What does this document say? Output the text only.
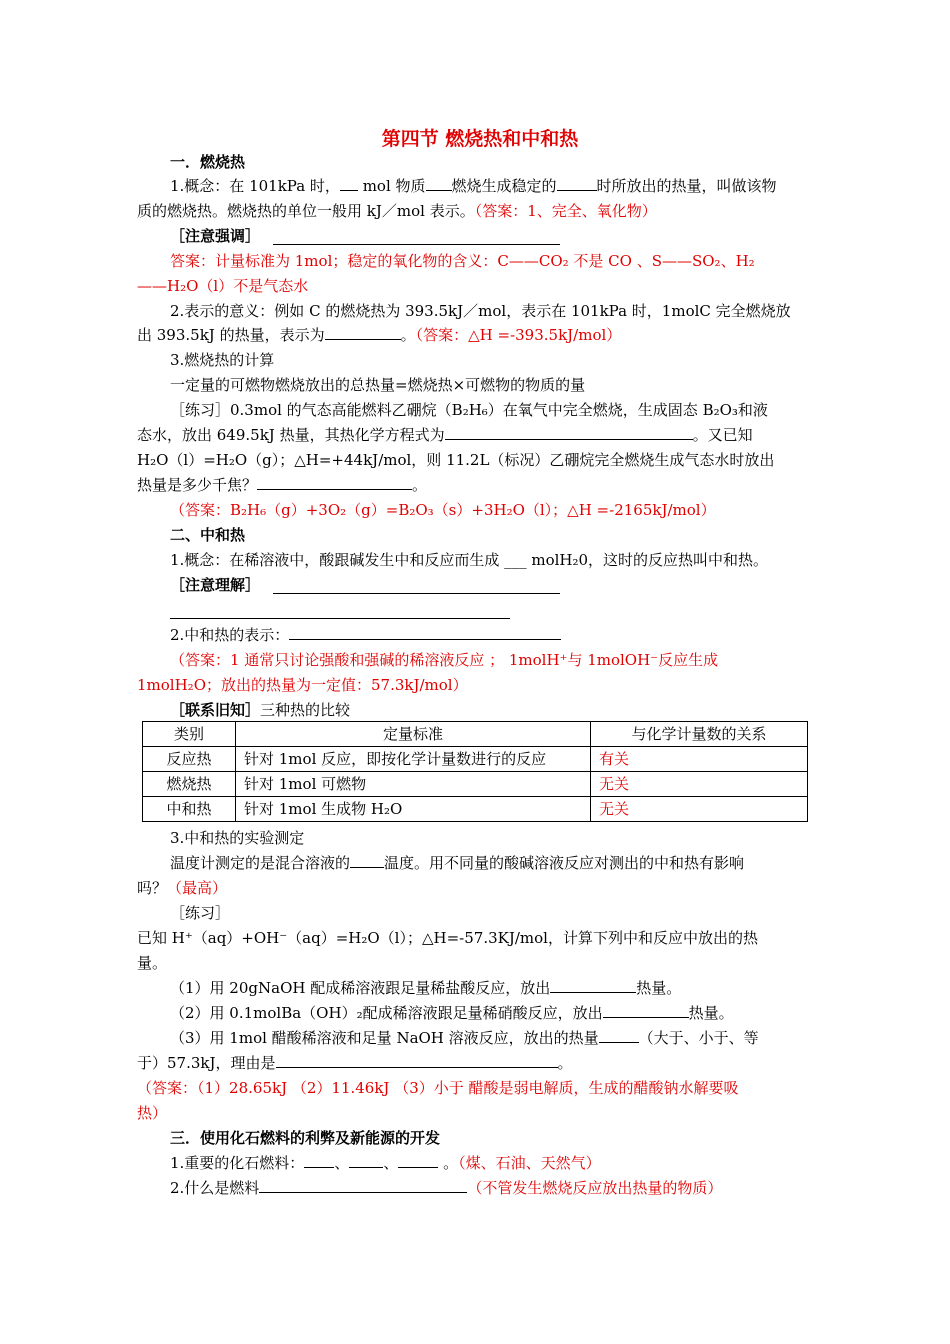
第四节 燃烧热和中和热
一．燃烧热
1.概念：在 101kPa 时， mol 物质 燃烧生成稳定的	时所放出的热量，叫做该物
质的燃烧热。燃烧热的单位一般用 kJ／mol 表示。（答案：1、完全、氧化物）
［注意强调］
答案：计量标准为 1mol；稳定的氧化物的含义：C——CO₂ 不是 CO 、S——SO₂、H₂
——H₂O（l）不是气态水
2.表示的意义：例如 C 的燃烧热为 393.5kJ／mol，表示在 101kPa 时，1molC 完全燃烧放
出 393.5kJ 的热量，表示为	。（答案：△H =-393.5kJ/mol）
3.燃烧热的计算
一定量的可燃物燃烧放出的总热量=燃烧热×可燃物的物质的量
［练习］0.3mol 的气态高能燃料乙硼烷（B₂H₆）在氧气中完全燃烧，生成固态 B₂O₃和液
态水，放出 649.5kJ 热量，其热化学方程式为	。又已知
H₂O（l）=H₂O（g）；△H=+44kJ/mol，则 11.2L（标况）乙硼烷完全燃烧生成气态水时放出
热量是多少千焦？	。
（答案：B₂H₆（g）+3O₂（g）=B₂O₃（s）+3H₂O（l）；△H =-2165kJ/mol）
二、中和热
1.概念：在稀溶液中，酸跟碱发生中和反应而生成 ___ molH₂0，这时的反应热叫中和热。
［注意理解］
2.中和热的表示：
（答案：1 通常只讨论强酸和强碱的稀溶液反应 ； 1molH⁺与 1molOH⁻反应生成
1molH₂O；放出的热量为一定值：57.3kJ/mol）
［联系旧知］三种热的比较
3.中和热的实验测定
温度计测定的是混合溶液的 温度。用不同量的酸碱溶液反应对测出的中和热有影响
吗？（最高）
［练习］
已知 H⁺（aq）+OH⁻（aq）=H₂O（l）；△H=-57.3KJ/mol，计算下列中和反应中放出的热
量。
（1）用 20gNaOH 配成稀溶液跟足量稀盐酸反应，放出	热量。
（2）用 0.1molBa（OH）₂配成稀溶液跟足量稀硝酸反应，放出	热量。
（3）用 1mol 醋酸稀溶液和足量 NaOH 溶液反应，放出的热量	（大于、小于、等
于）57.3kJ，理由是	。
（答案：（1）28.65kJ （2）11.46kJ （3）小于 醋酸是弱电解质，生成的醋酸钠水解要吸
热）
三．使用化石燃料的利弊及新能源的开发
1.重要的化石燃料： 、 、	。（煤、石油、天然气）
2.什么是燃料	（不管发生燃烧反应放出热量的物质）
类别	定量标准	与化学计量数的关系
反应热	针对 1mol 反应，即按化学计量数进行的反应	有关
燃烧热	针对 1mol 可燃物	无关
中和热	针对 1mol 生成物 H₂O	无关
